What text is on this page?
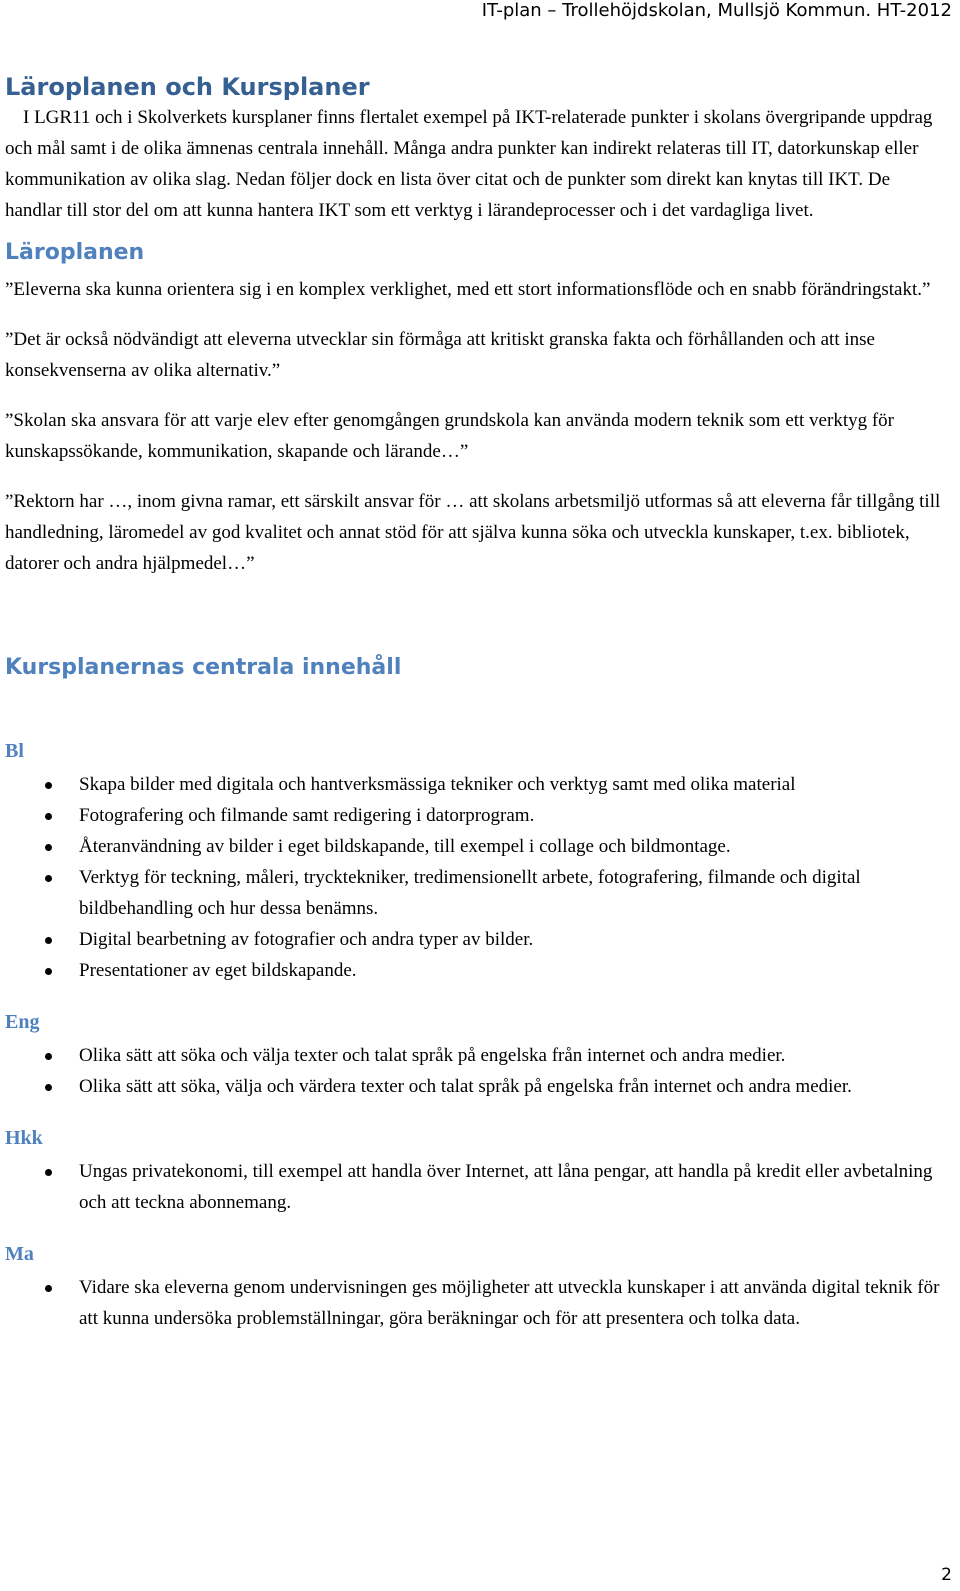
IT-plan – Trollehöjdskolan, Mullsjö Kommun. HT-2012
Läroplanen och Kursplaner

I LGR11 och i Skolverkets kursplaner finns flertalet exempel på IKT-relaterade punkter i skolans övergripande uppdrag och mål samt i de olika ämnenas centrala innehåll. Många andra punkter kan indirekt relateras till IT, datorkunskap eller kommunikation av olika slag. Nedan följer dock en lista över citat och de punkter som direkt kan knytas till IKT. De handlar till stor del om att kunna hantera IKT som ett verktyg i lärandeprocesser och i det vardagliga livet.

Läroplanen

”Eleverna ska kunna orientera sig i en komplex verklighet, med ett stort informationsflöde och en snabb förändringstakt.”

”Det är också nödvändigt att eleverna utvecklar sin förmåga att kritiskt granska fakta och förhållanden och att inse konsekvenserna av olika alternativ.”

”Skolan ska ansvara för att varje elev efter genomgången grundskola kan använda modern teknik som ett verktyg för kunskapssökande, kommunikation, skapande och lärande…”

”Rektorn har …, inom givna ramar, ett särskilt ansvar för … att skolans arbetsmiljö utformas så att eleverna får tillgång till handledning, läromedel av god kvalitet och annat stöd för att själva kunna söka och utveckla kunskaper, t.ex. bibliotek, datorer och andra hjälpmedel…”

Kursplanernas centrala innehåll
Bl
Skapa bilder med digitala och hantverksmässiga tekniker och verktyg samt med olika material
Fotografering och filmande samt redigering i datorprogram.
Återanvändning av bilder i eget bildskapande, till exempel i collage och bildmontage.
Verktyg för teckning, måleri, trycktekniker, tredimensionellt arbete, fotografering, filmande och digital bildbehandling och hur dessa benämns.
Digital bearbetning av fotografier och andra typer av bilder.
Presentationer av eget bildskapande.
Eng
Olika sätt att söka och välja texter och talat språk på engelska från internet och andra medier.
Olika sätt att söka, välja och värdera texter och talat språk på engelska från internet och andra medier.
Hkk
Ungas privatekonomi, till exempel att handla över Internet, att låna pengar, att handla på kredit eller avbetalning och att teckna abonnemang.
Ma
Vidare ska eleverna genom undervisningen ges möjligheter att utveckla kunskaper i att använda digital teknik för att kunna undersöka problemställningar, göra beräkningar och för att presentera och tolka data.
2
